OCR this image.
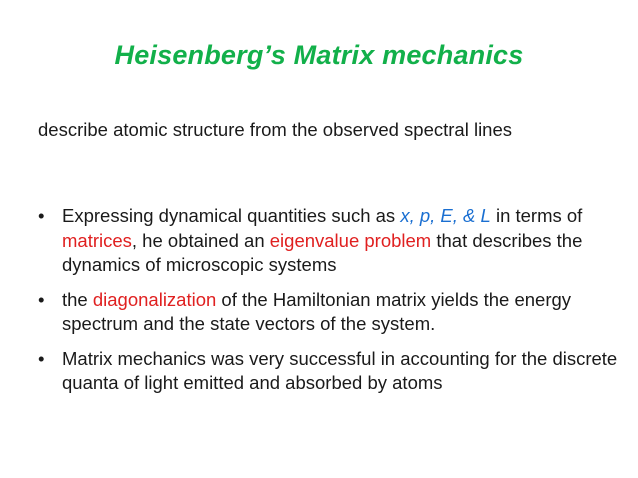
Heisenberg’s Matrix mechanics
describe atomic structure from the observed spectral lines
• Expressing dynamical quantities such as x, p, E, & L in terms of matrices, he obtained an eigenvalue problem that describes the dynamics of microscopic systems
• the diagonalization of the Hamiltonian matrix yields the energy spectrum and the state vectors of the system.
• Matrix mechanics was very successful in accounting for the discrete quanta of light emitted and absorbed by atoms
